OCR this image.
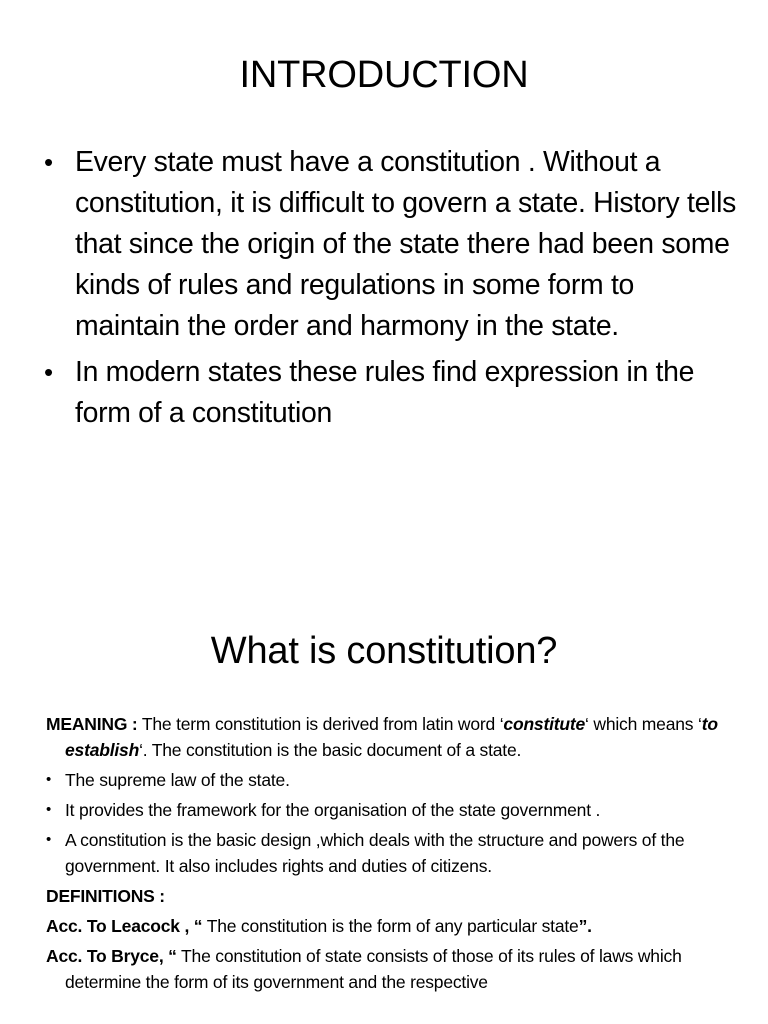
INTRODUCTION
• Every state must have a constitution . Without a constitution, it is difficult to govern a state. History tells that since the origin of the state there had been some kinds of rules and regulations in some form to maintain the order and harmony in the state.
• In modern states these rules find expression in the form of a constitution
What is constitution?

MEANING : The term constitution is derived from latin word ‘constitute‘ which means ‘to establish‘. The constitution is the basic document of a state.

• The supreme law of the state.
• It provides the framework for the organisation of the state government .
• A constitution is the basic design ,which deals with the structure and powers of the government. It also includes rights and duties of citizens.

DEFINITIONS :

Acc. To Leacock , “ The constitution is the form of any particular state”.

Acc. To Bryce, “ The constitution of state consists of those of its rules of laws which determine the form of its government and the respective
